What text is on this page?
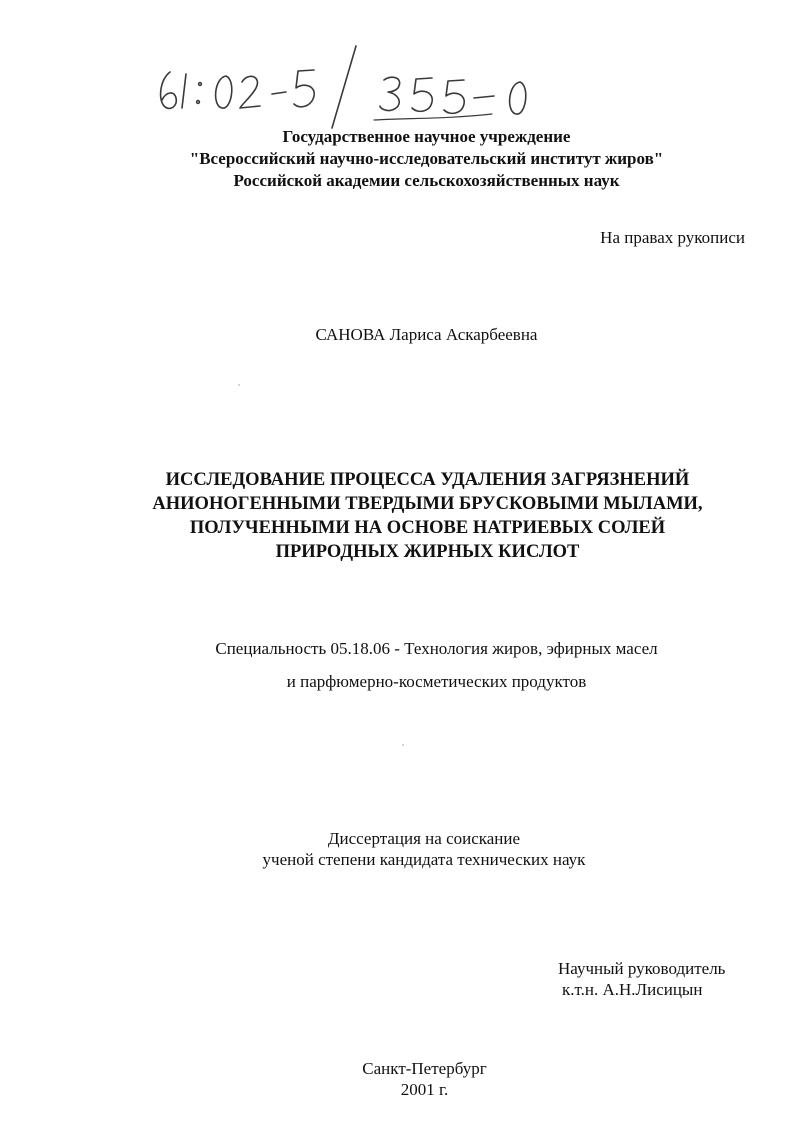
Государственное научное учреждение
"Всероссийский научно-исследовательский институт жиров"
Российской академии сельскохозяйственных наук
На правах рукописи
САНОВА Лариса Аскарбеевна
ИССЛЕДОВАНИЕ ПРОЦЕССА УДАЛЕНИЯ ЗАГРЯЗНЕНИЙ
АНИОНОГЕННЫМИ ТВЕРДЫМИ БРУСКОВЫМИ МЫЛАМИ,
ПОЛУЧЕННЫМИ НА ОСНОВЕ НАТРИЕВЫХ СОЛЕЙ
ПРИРОДНЫХ ЖИРНЫХ КИСЛОТ
Специальность 05.18.06 - Технология жиров, эфирных масел
и парфюмерно-косметических продуктов
Диссертация на соискание
ученой степени кандидата технических наук
Научный руководитель
к.т.н. А.Н.Лисицын
Санкт-Петербург
2001 г.
